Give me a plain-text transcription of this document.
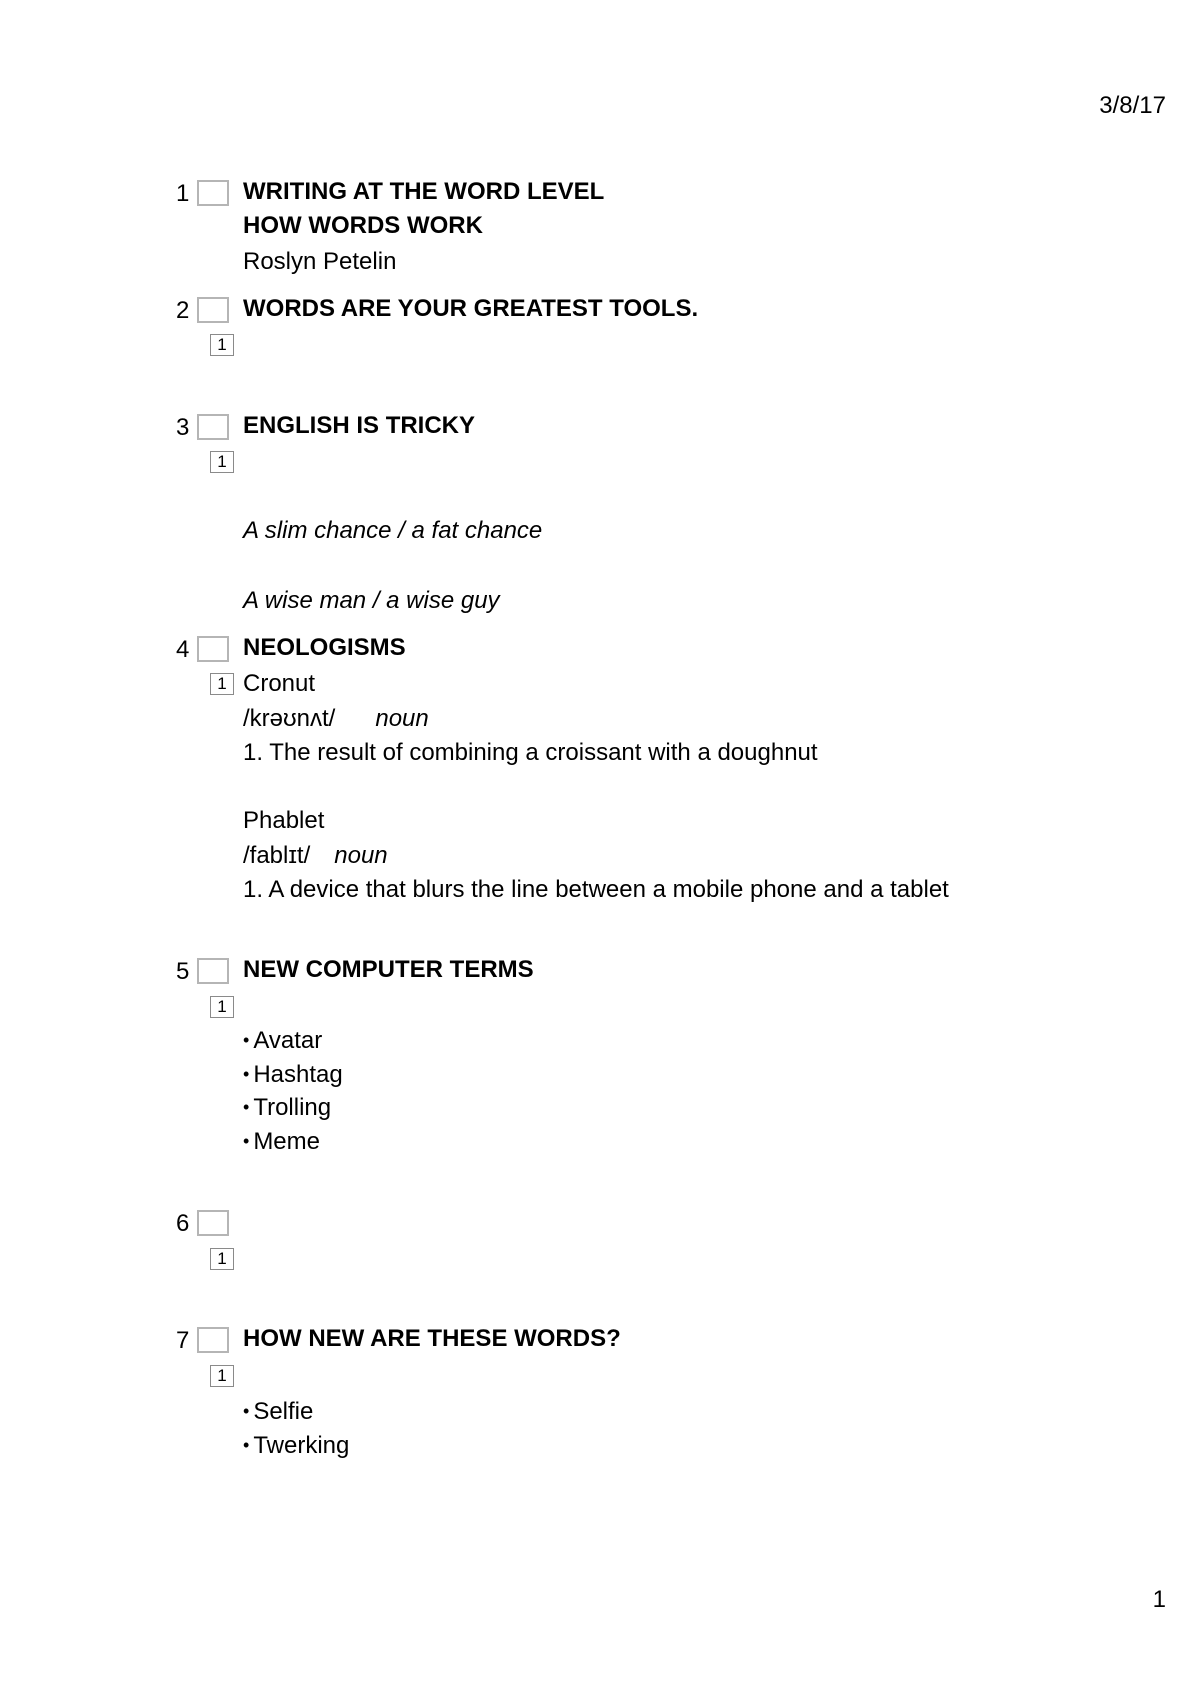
3/8/17
1 WRITING AT THE WORD LEVEL
HOW WORDS WORK
Roslyn Petelin
2 WORDS ARE YOUR GREATEST TOOLS.
1
3 ENGLISH IS TRICKY
1
A slim chance / a fat chance
A wise man / a wise guy
4 NEOLOGISMS
1 Cronut
/krəʊnʌt/ noun
1. The result of combining a croissant with a doughnut
Phablet
/fablɪt/ noun
1. A device that blurs the line between a mobile phone and a tablet
5 NEW COMPUTER TERMS
1
• Avatar
• Hashtag
• Trolling
• Meme
6
1
7 HOW NEW ARE THESE WORDS?
1
• Selfie
• Twerking
1
